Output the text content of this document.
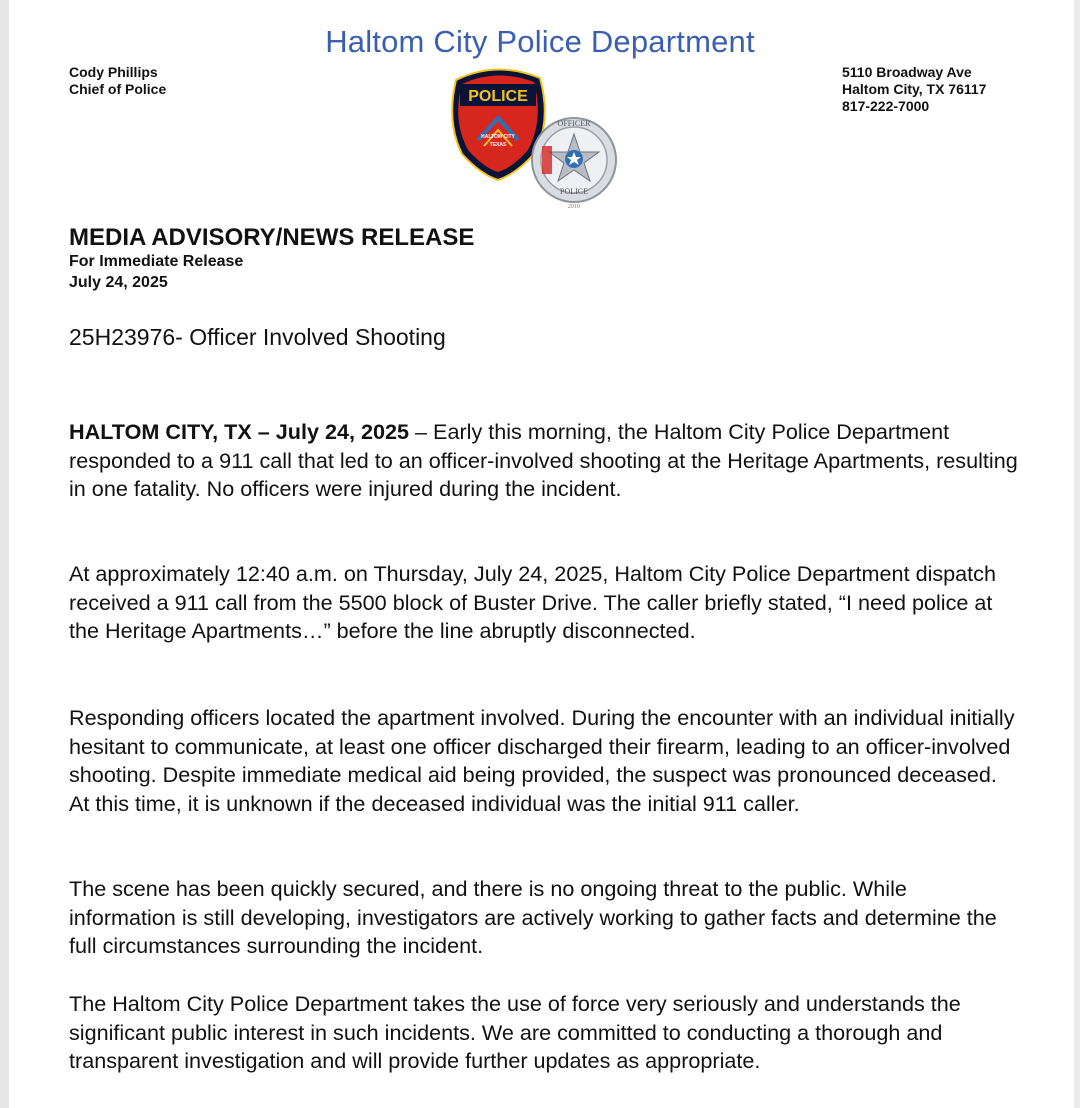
Haltom City Police Department
Cody Phillips
Chief of Police
5110 Broadway Ave
Haltom City, TX 76117
817-222-7000
POLICE
HALTOM CITY
TEXAS
OFFICER
POLICE
2010
MEDIA ADVISORY/NEWS RELEASE
For Immediate Release
July 24, 2025
25H23976- Officer Involved Shooting

HALTOM CITY, TX – July 24, 2025 – Early this morning, the Haltom City Police Department responded to a 911 call that led to an officer-involved shooting at the Heritage Apartments, resulting in one fatality. No officers were injured during the incident.

At approximately 12:40 a.m. on Thursday, July 24, 2025, Haltom City Police Department dispatch received a 911 call from the 5500 block of Buster Drive. The caller briefly stated, “I need police at the Heritage Apartments…” before the line abruptly disconnected.

Responding officers located the apartment involved. During the encounter with an individual initially hesitant to communicate, at least one officer discharged their firearm, leading to an officer-involved shooting. Despite immediate medical aid being provided, the suspect was pronounced deceased. At this time, it is unknown if the deceased individual was the initial 911 caller.

The scene has been quickly secured, and there is no ongoing threat to the public. While information is still developing, investigators are actively working to gather facts and determine the full circumstances surrounding the incident.

The Haltom City Police Department takes the use of force very seriously and understands the significant public interest in such incidents. We are committed to conducting a thorough and transparent investigation and will provide further updates as appropriate.
